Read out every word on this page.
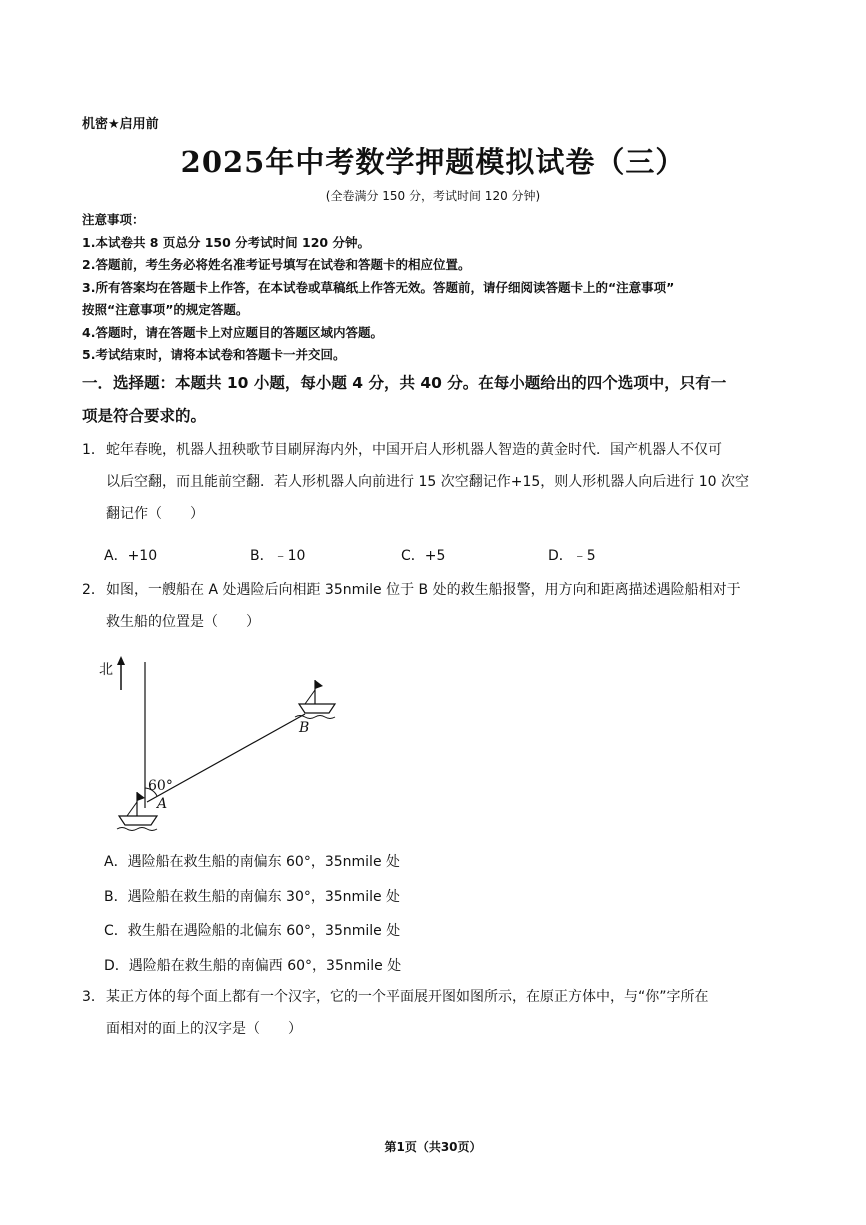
机密★启用前
2025年中考数学押题模拟试卷（三）
(全卷满分 150 分，考试时间 120 分钟)
注意事项：
1.本试卷共 8 页总分 150 分考试时间 120 分钟。
2.答题前，考生务必将姓名准考证号填写在试卷和答题卡的相应位置。
3.所有答案均在答题卡上作答，在本试卷或草稿纸上作答无效。答题前，请仔细阅读答题卡上的“注意事项”
按照“注意事项”的规定答题。
4.答题时，请在答题卡上对应题目的答题区域内答题。
5.考试结束时，请将本试卷和答题卡一并交回。
一．选择题：本题共 10 小题，每小题 4 分，共 40 分。在每小题给出的四个选项中，只有一
项是符合要求的。
1．蛇年春晚，机器人扭秧歌节目刷屏海内外，中国开启人形机器人智造的黄金时代．国产机器人不仅可
以后空翻，而且能前空翻．若人形机器人向前进行 15 次空翻记作+15，则人形机器人向后进行 10 次空
翻记作（　　）
A．+10	B．﹣10	C．+5	D．﹣5
2．如图，一艘船在 A 处遇险后向相距 35nmile 位于 B 处的救生船报警，用方向和距离描述遇险船相对于
救生船的位置是（　　）
北
60°
A
B
A．遇险船在救生船的南偏东 60°，35nmile 处
B．遇险船在救生船的南偏东 30°，35nmile 处
C．救生船在遇险船的北偏东 60°，35nmile 处
D．遇险船在救生船的南偏西 60°，35nmile 处
3．某正方体的每个面上都有一个汉字，它的一个平面展开图如图所示，在原正方体中，与“你”字所在
面相对的面上的汉字是（　　）
第1页（共30页）
